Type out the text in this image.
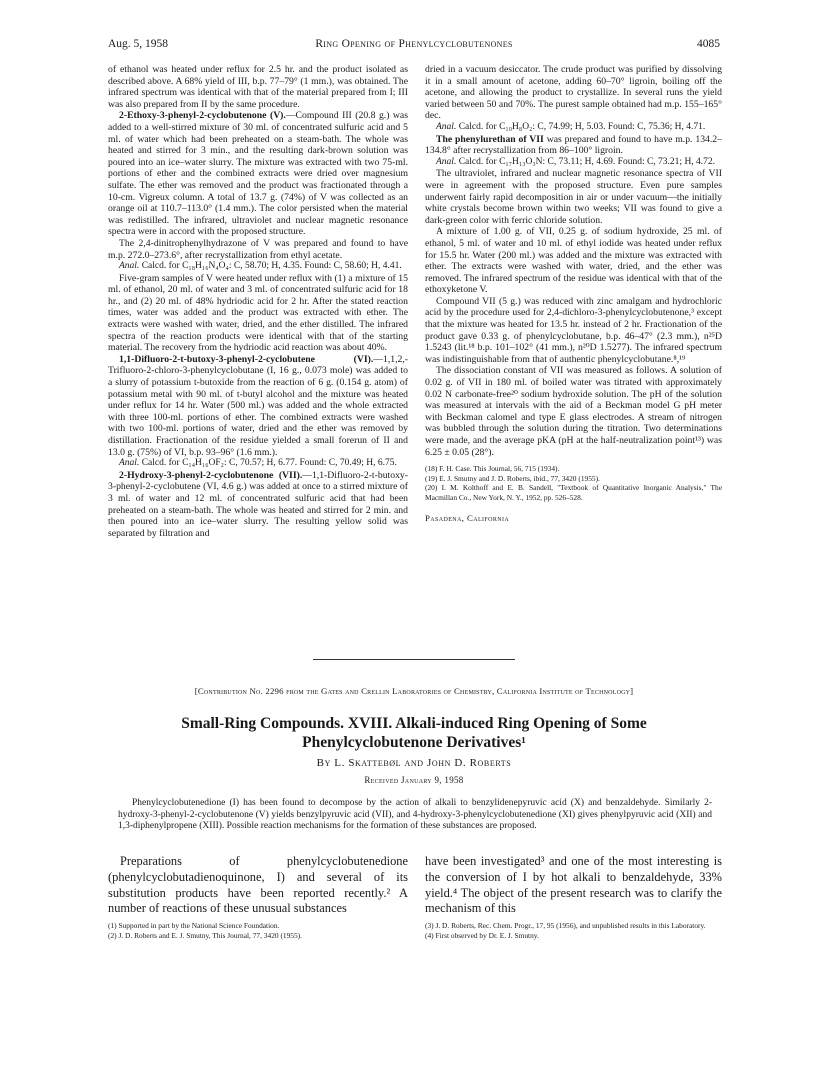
Aug. 5, 1958	Ring Opening of Phenylcyclobutenones	4085

of ethanol was heated under reflux for 2.5 hr. and the product isolated as described above. A 68% yield of III, b.p. 77–79° (1 mm.), was obtained. The infrared spectrum was identical with that of the material prepared from I; III was also prepared from II by the same procedure.

2-Ethoxy-3-phenyl-2-cyclobutenone (V).—Compound III (20.8 g.) was added to a well-stirred mixture of 30 ml. of concentrated sulfuric acid and 5 ml. of water which had been preheated on a steam-bath. The whole was heated and stirred for 3 min., and the resulting dark-brown solution was poured into an ice–water slurry. The mixture was extracted with two 75-ml. portions of ether and the combined extracts were dried over magnesium sulfate. The ether was removed and the product was fractionated through a 10-cm. Vigreux column. A total of 13.7 g. (74%) of V was collected as an orange oil at 110.7–113.0° (1.4 mm.). The color persisted when the material was redistilled. The infrared, ultraviolet and nuclear magnetic resonance spectra were in accord with the proposed structure.

The 2,4-dinitrophenylhydrazone of V was prepared and found to have m.p. 272.0–273.6°, after recrystallization from ethyl acetate.

Anal. Calcd. for C₁₈H₁₆N₄O₄: C, 58.70; H, 4.35. Found: C, 58.60; H, 4.41.

Five-gram samples of V were heated under reflux with (1) a mixture of 15 ml. of ethanol, 20 ml. of water and 3 ml. of concentrated sulfuric acid for 18 hr., and (2) 20 ml. of 48% hydriodic acid for 2 hr. After the stated reaction times, water was added and the product was extracted with ether. The extracts were washed with water, dried, and the ether distilled. The infrared spectra of the reaction products were identical with that of the starting material. The recovery from the hydriodic acid reaction was about 40%.

1,1-Difluoro-2-t-butoxy-3-phenyl-2-cyclobutene (VI).—1,1,2,-Trifluoro-2-chloro-3-phenylcyclobutane (I, 16 g., 0.073 mole) was added to a slurry of potassium t-butoxide from the reaction of 6 g. (0.154 g. atom) of potassium metal with 90 ml. of t-butyl alcohol and the mixture was heated under reflux for 14 hr. Water (500 ml.) was added and the whole extracted with three 100-ml. portions of ether. The combined extracts were washed with two 100-ml. portions of water, dried and the ether was removed by distillation. Fractionation of the residue yielded a small forerun of II and 13.0 g. (75%) of VI, b.p. 93–96° (1.6 mm.).

Anal. Calcd. for C₁₄H₁₆OF₂: C, 70.57; H, 6.77. Found: C, 70.49; H, 6.75.

2-Hydroxy-3-phenyl-2-cyclobutenone (VII).—1,1-Difluoro-2-t-butoxy-3-phenyl-2-cyclobutene (VI, 4.6 g.) was added at once to a stirred mixture of 3 ml. of water and 12 ml. of concentrated sulfuric acid that had been preheated on a steam-bath. The whole was heated and stirred for 2 min. and then poured into an ice–water slurry. The resulting yellow solid was separated by filtration and

dried in a vacuum desiccator. The crude product was purified by dissolving it in a small amount of acetone, adding 60–70° ligroin, boiling off the acetone, and allowing the product to crystallize. In several runs the yield varied between 50 and 70%. The purest sample obtained had m.p. 155–165° dec.

Anal. Calcd. for C₁₀H₈O₂: C, 74.99; H, 5.03. Found: C, 75.36; H, 4.71.

The phenylurethan of VII was prepared and found to have m.p. 134.2–134.8° after recrystallization from 86–100° ligroin.

Anal. Calcd. for C₁₇H₁₃O₃N: C, 73.11; H, 4.69. Found: C, 73.21; H, 4.72.

The ultraviolet, infrared and nuclear magnetic resonance spectra of VII were in agreement with the proposed structure. Even pure samples underwent fairly rapid decomposition in air or under vacuum—the initially white crystals become brown within two weeks; VII was found to give a dark-green color with ferric chloride solution.

A mixture of 1.00 g. of VII, 0.25 g. of sodium hydroxide, 25 ml. of ethanol, 5 ml. of water and 10 ml. of ethyl iodide was heated under reflux for 15.5 hr. Water (200 ml.) was added and the mixture was extracted with ether. The extracts were washed with water, dried, and the ether was removed. The infrared spectrum of the residue was identical with that of the ethoxyketone V.

Compound VII (5 g.) was reduced with zinc amalgam and hydrochloric acid by the procedure used for 2,4-dichloro-3-phenylcyclobutenone,³ except that the mixture was heated for 13.5 hr. instead of 2 hr. Fractionation of the product gave 0.33 g. of phenylcyclobutane, b.p. 46–47° (2.3 mm.), n²⁵D 1.5243 (lit.¹⁸ b.p. 101–102° (41 mm.), n²⁰D 1.5277). The infrared spectrum was indistinguishable from that of authentic phenylcyclobutane.⁸,¹⁹

The dissociation constant of VII was measured as follows. A solution of 0.02 g. of VII in 180 ml. of boiled water was titrated with approximately 0.02 N carbonate-free²⁰ sodium hydroxide solution. The pH of the solution was measured at intervals with the aid of a Beckman model G pH meter with Beckman calomel and type E glass electrodes. A stream of nitrogen was bubbled through the solution during the titration. Two determinations were made, and the average pKA (pH at the half-neutralization point¹³) was 6.25 ± 0.05 (28°).

(18) F. H. Case. This Journal, 56, 715 (1934).
(19) E. J. Smutny and J. D. Roberts, ibid., 77, 3420 (1955).
(20) I. M. Kolthoff and E. B. Sandell, "Textbook of Quantitative Inorganic Analysis," The Macmillan Co., New York, N. Y., 1952, pp. 526–528.
Pasadena, California
[Contribution No. 2296 from the Gates and Crellin Laboratories of Chemistry, California Institute of Technology]
Small-Ring Compounds. XVIII. Alkali-induced Ring Opening of Some
Phenylcyclobutenone Derivatives¹
By L. Skattebøl and John D. Roberts
Received January 9, 1958
Phenylcyclobutenedione (I) has been found to decompose by the action of alkali to benzylidenepyruvic acid (X) and benzaldehyde. Similarly 2-hydroxy-3-phenyl-2-cyclobutenone (V) yields benzylpyruvic acid (VII), and 4-hydroxy-3-phenylcyclobutenedione (XI) gives phenylpyruvic acid (XII) and 1,3-diphenylpropene (XIII). Possible reaction mechanisms for the formation of these substances are proposed.
Preparations of phenylcyclobutenedione (phenylcyclobutadienoquinone, I) and several of its substitution products have been reported recently.² A number of reactions of these unusual substances
have been investigated³ and one of the most interesting is the conversion of I by hot alkali to benzaldehyde, 33% yield.⁴ The object of the present research was to clarify the mechanism of this
(1) Supported in part by the National Science Foundation.
(2) J. D. Roberts and E. J. Smutny, This Journal, 77, 3420 (1955).
(3) J. D. Roberts, Rec. Chem. Progr., 17, 95 (1956), and unpublished results in this Laboratory.
(4) First observed by Dr. E. J. Smutny.
